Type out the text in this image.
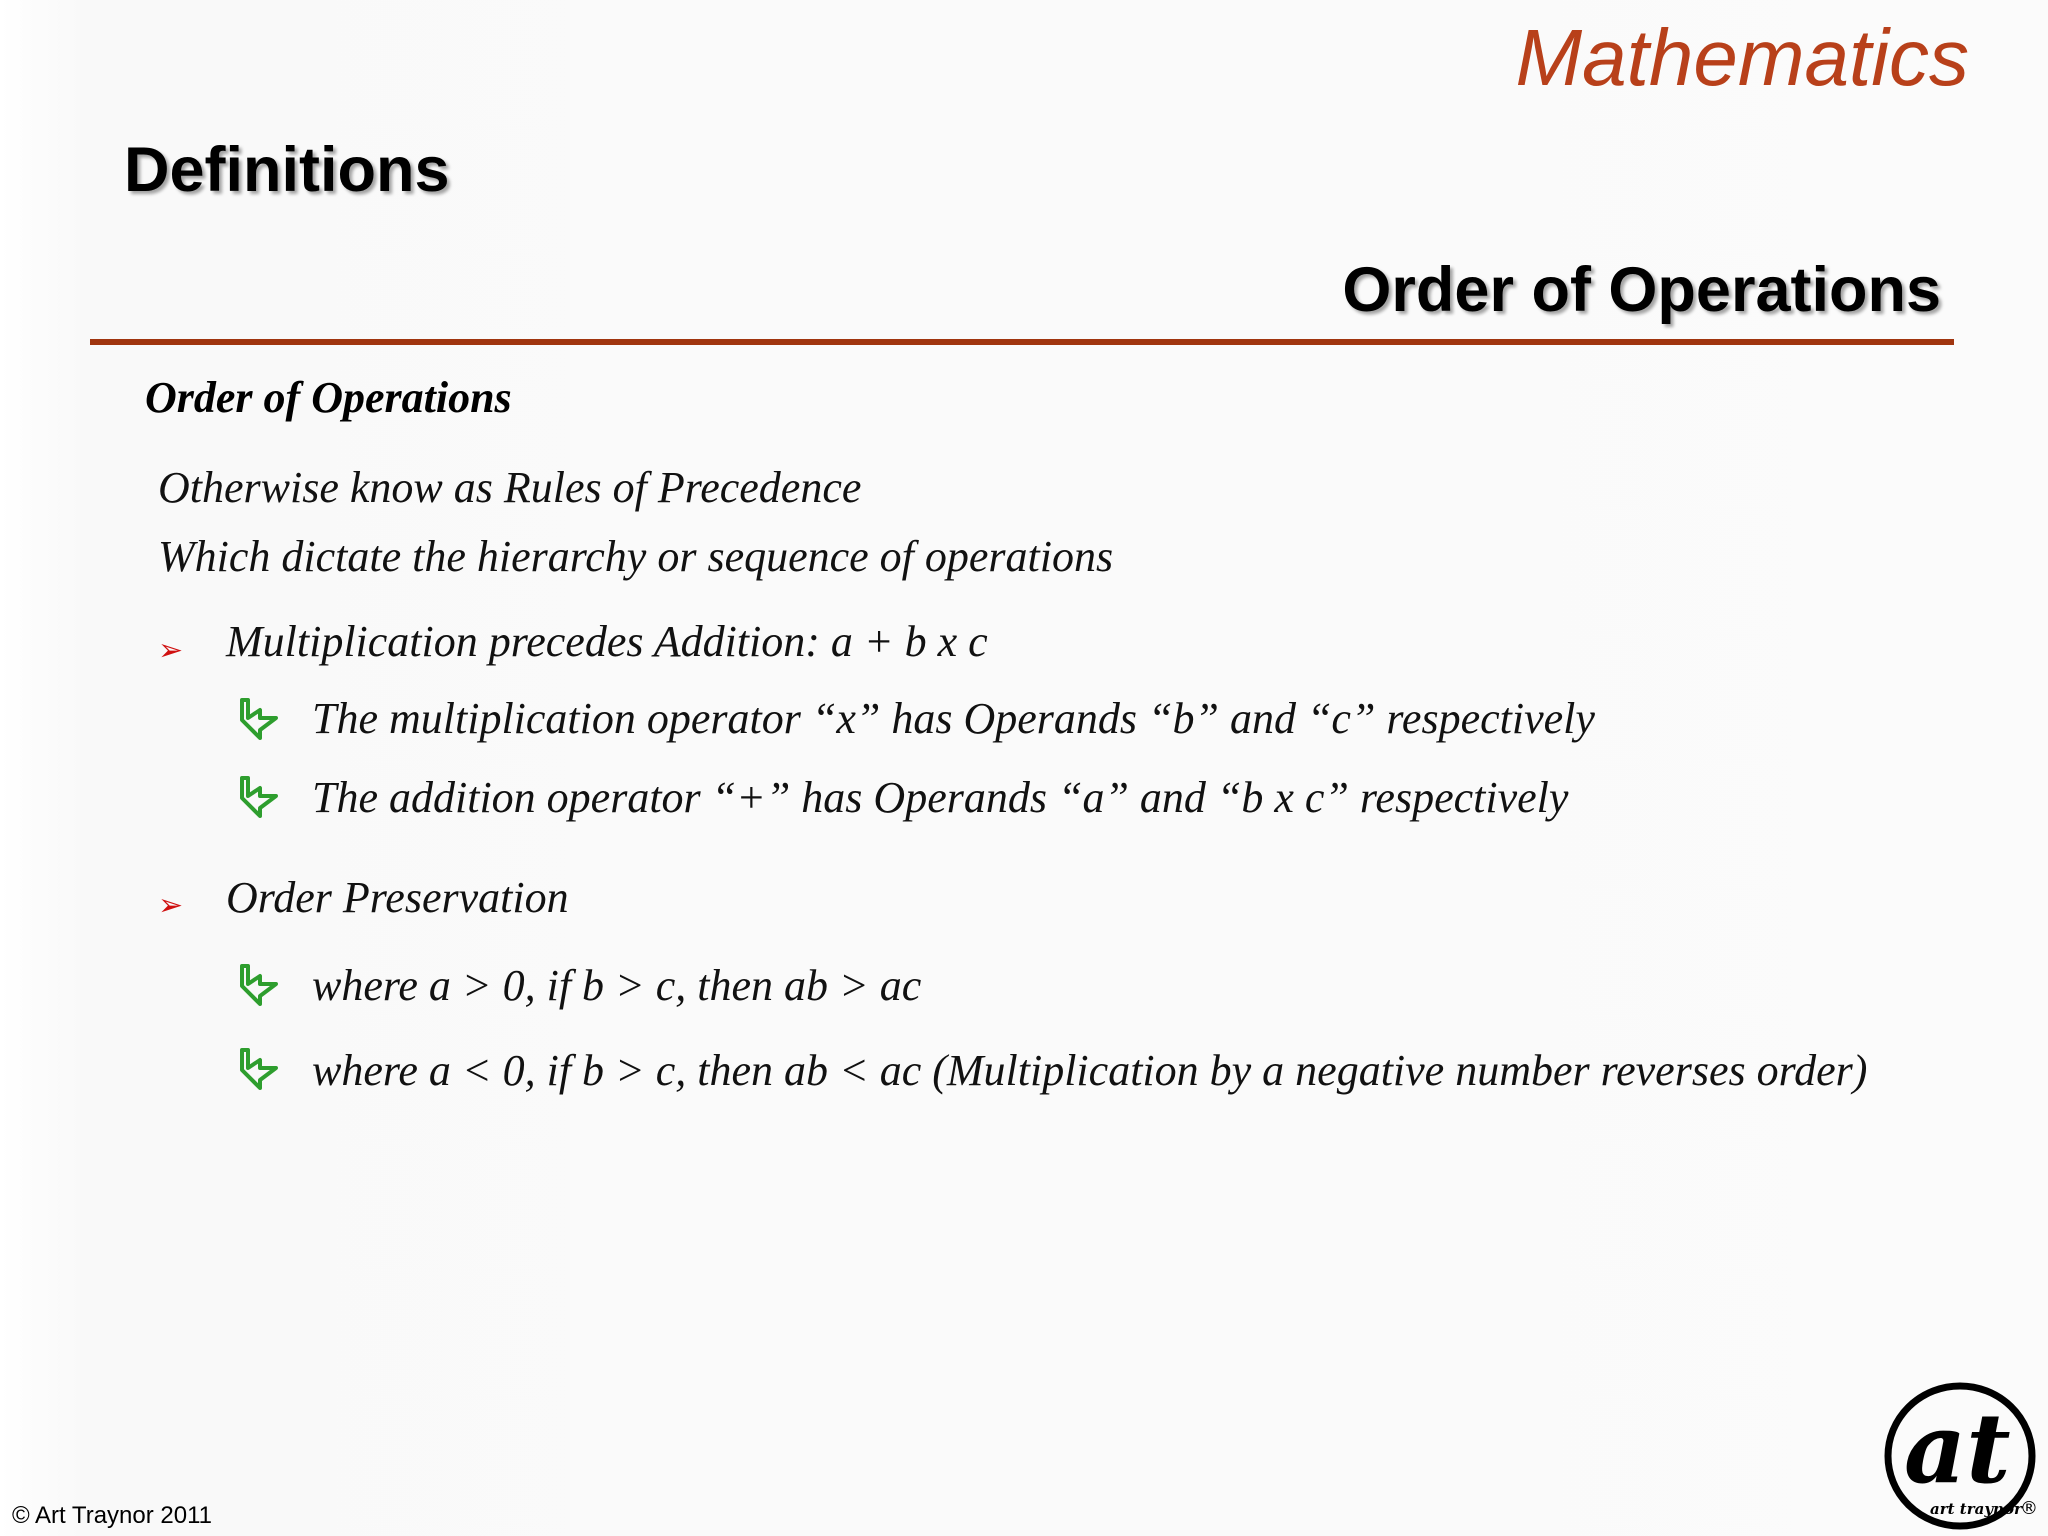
Mathematics
Definitions
Order of Operations
Order of Operations
Otherwise know as Rules of Precedence
Which dictate the hierarchy or sequence of operations
➢ Multiplication precedes Addition: a + b x c
The multiplication operator “x” has Operands “b” and “c” respectively
The addition operator “+” has Operands “a” and “b x c” respectively
➢ Order Preservation
where a > 0, if b > c, then ab > ac
where a < 0, if b > c, then ab < ac (Multiplication by a negative number reverses order)
© Art Traynor 2011
at
art traynor
®
